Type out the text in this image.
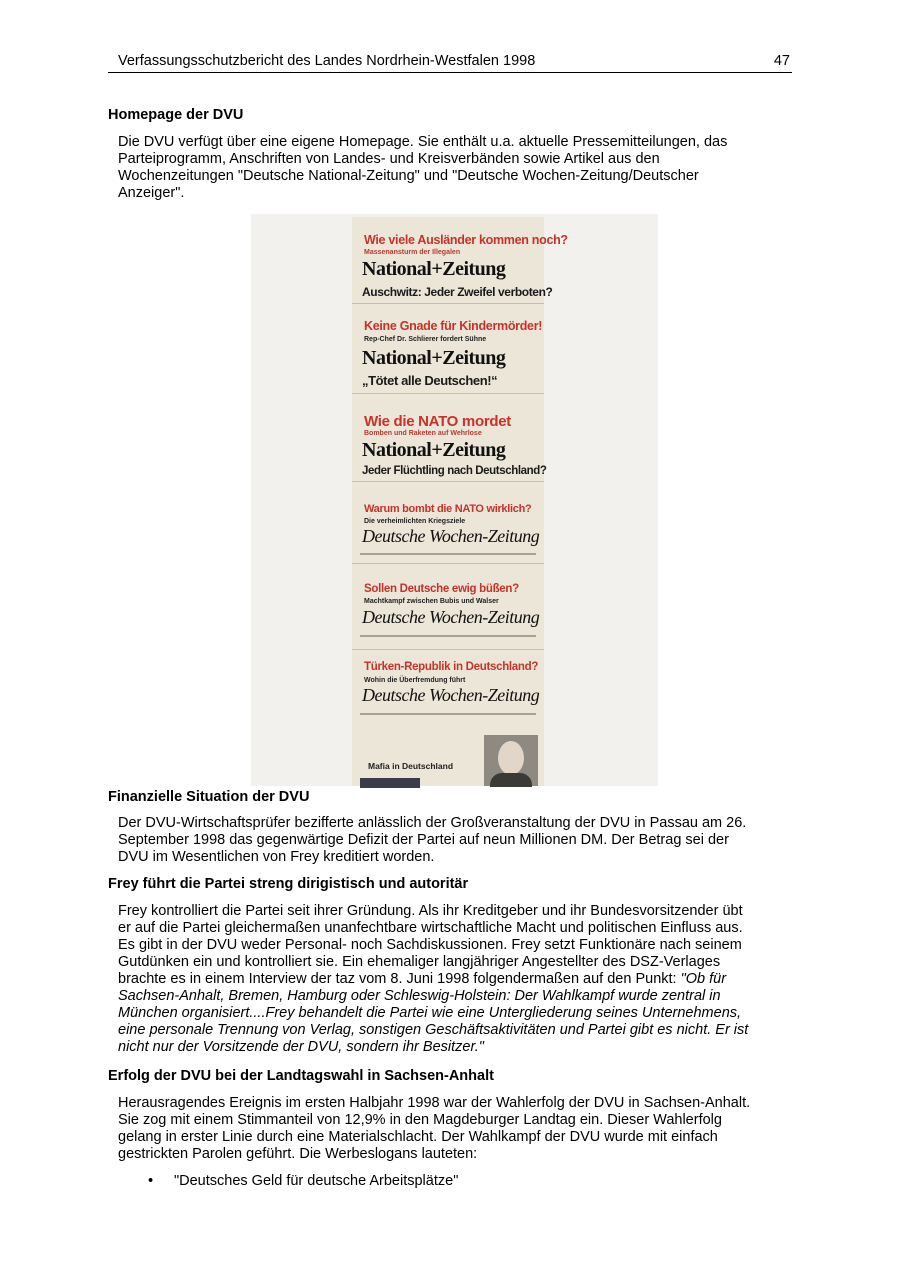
Verfassungsschutzbericht des Landes Nordrhein-Westfalen 1998	47
Homepage der DVU
Die DVU verfügt über eine eigene Homepage. Sie enthält u.a. aktuelle Pressemitteilungen, das
Parteiprogramm, Anschriften von Landes- und Kreisverbänden sowie Artikel aus den
Wochenzeitungen "Deutsche National-Zeitung" und "Deutsche Wochen-Zeitung/Deutscher
Anzeiger".
Wie viele Ausländer kommen noch?
Massenansturm der Illegalen
National+Zeitung
Auschwitz: Jeder Zweifel verboten?
Keine Gnade für Kindermörder!
Rep-Chef Dr. Schlierer fordert Sühne
National+Zeitung
„Tötet alle Deutschen!“
Wie die NATO mordet
Bomben und Raketen auf Wehrlose
National+Zeitung
Jeder Flüchtling nach Deutschland?
Warum bombt die NATO wirklich?
Die verheimlichten Kriegsziele
Deutsche Wochen-Zeitung
Sollen Deutsche ewig büßen?
Machtkampf zwischen Bubis und Walser
Deutsche Wochen-Zeitung
Türken-Republik in Deutschland?
Wohin die Überfremdung führt
Deutsche Wochen-Zeitung
Mafia in Deutschland
Finanzielle Situation der DVU
Der DVU-Wirtschaftsprüfer bezifferte anlässlich der Großveranstaltung der DVU in Passau am 26.
September 1998 das gegenwärtige Defizit der Partei auf neun Millionen DM. Der Betrag sei der
DVU im Wesentlichen von Frey kreditiert worden.
Frey führt die Partei streng dirigistisch und autoritär
Frey kontrolliert die Partei seit ihrer Gründung. Als ihr Kreditgeber und ihr Bundesvorsitzender übt
er auf die Partei gleichermaßen unanfechtbare wirtschaftliche Macht und politischen Einfluss aus.
Es gibt in der DVU weder Personal- noch Sachdiskussionen. Frey setzt Funktionäre nach seinem
Gutdünken ein und kontrolliert sie. Ein ehemaliger langjähriger Angestellter des DSZ-Verlages
brachte es in einem Interview der taz vom 8. Juni 1998 folgendermaßen auf den Punkt: "Ob für
Sachsen-Anhalt, Bremen, Hamburg oder Schleswig-Holstein: Der Wahlkampf wurde zentral in
München organisiert....Frey behandelt die Partei wie eine Untergliederung seines Unternehmens,
eine personale Trennung von Verlag, sonstigen Geschäftsaktivitäten und Partei gibt es nicht. Er ist
nicht nur der Vorsitzende der DVU, sondern ihr Besitzer."
Erfolg der DVU bei der Landtagswahl in Sachsen-Anhalt
Herausragendes Ereignis im ersten Halbjahr 1998 war der Wahlerfolg der DVU in Sachsen-Anhalt.
Sie zog mit einem Stimmanteil von 12,9% in den Magdeburger Landtag ein. Dieser Wahlerfolg
gelang in erster Linie durch eine Materialschlacht. Der Wahlkampf der DVU wurde mit einfach
gestrickten Parolen geführt. Die Werbeslogans lauteten:
• "Deutsches Geld für deutsche Arbeitsplätze"
